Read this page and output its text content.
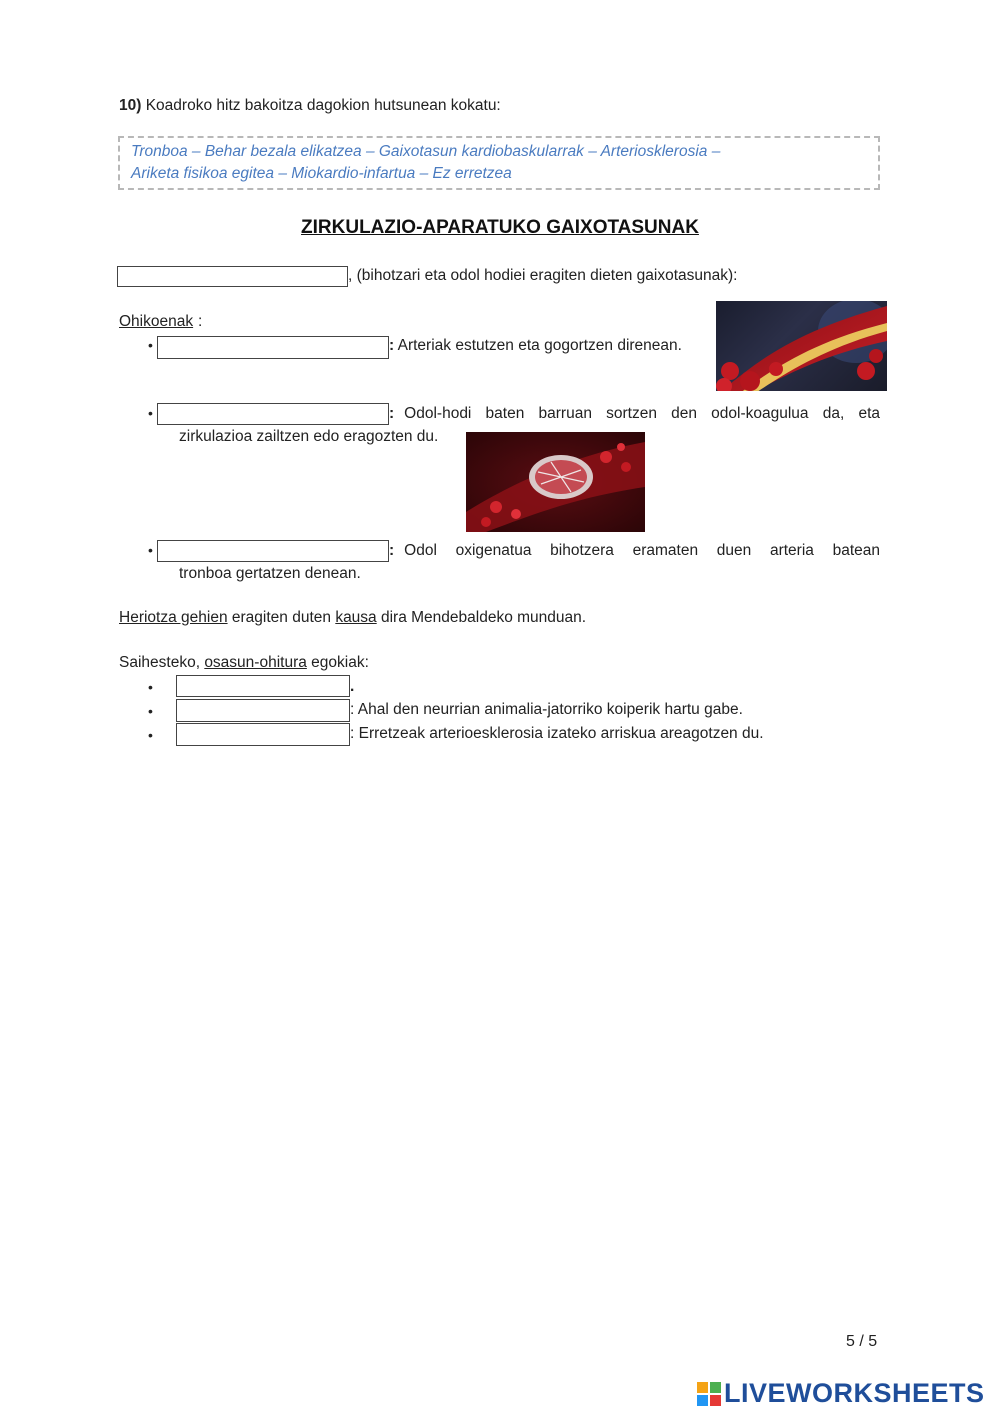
10) Koadroko hitz bakoitza dagokion hutsunean kokatu:
Tronboa – Behar bezala elikatzea – Gaixotasun kardiobaskularrak – Arteriosklerosia –
Ariketa fisikoa egitea – Miokardio-infartua – Ez erretzea
ZIRKULAZIO-APARATUKO GAIXOTASUNAK
, (bihotzari eta odol hodiei eragiten dieten gaixotasunak):
Ohikoenak :
•	: Arteriak estutzen eta gogortzen direnean.
•	: Odol-hodi baten barruan sortzen den odol-koagulua da, eta
zirkulazioa zailtzen edo eragozten du.
•	: Odol oxigenatua bihotzera eramaten duen arteria batean
tronboa gertatzen denean.
Heriotza gehien eragiten duten kausa dira Mendebaldeko munduan.
Saihesteko, osasun-ohitura egokiak:
•	.
•	: Ahal den neurrian animalia-jatorriko koiperik hartu gabe.
•	: Erretzeak arterioesklerosia izateko arriskua areagotzen du.
5 / 5
LIVEWORKSHEETS
